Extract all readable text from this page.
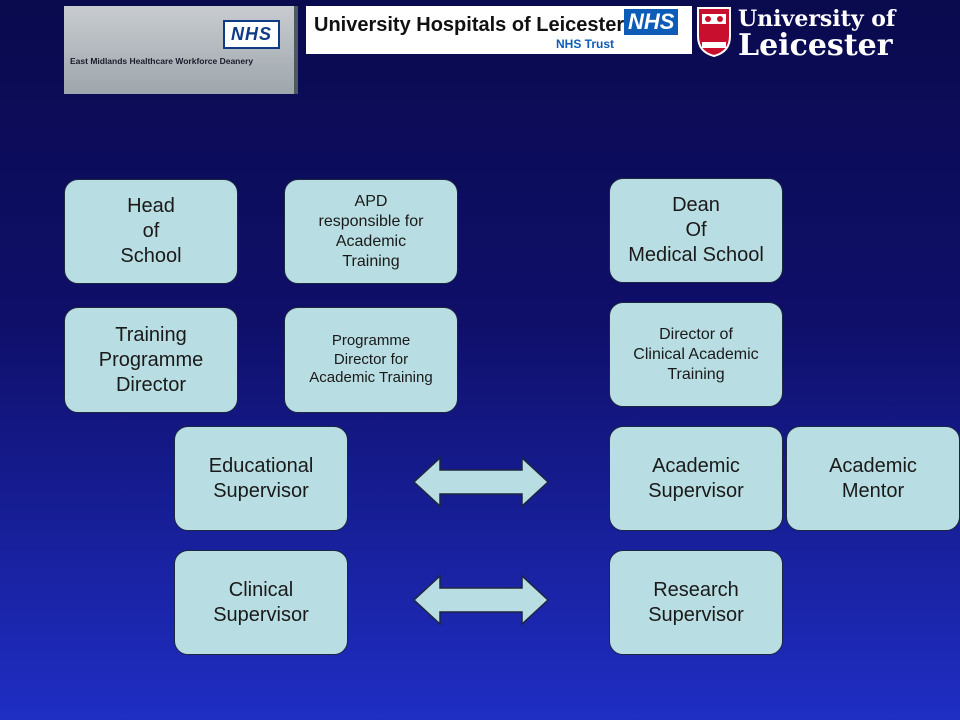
NHS
East Midlands Healthcare Workforce Deanery
University Hospitals of Leicester NHS
NHS Trust
University of
Leicester
Head
of
School
APD
responsible for
Academic
Training
Dean
Of
Medical School
Training
Programme
Director
Programme
Director for
Academic Training
Director of
Clinical Academic
Training
Educational
Supervisor
Academic
Supervisor
Academic
Mentor
Clinical
Supervisor
Research
Supervisor
